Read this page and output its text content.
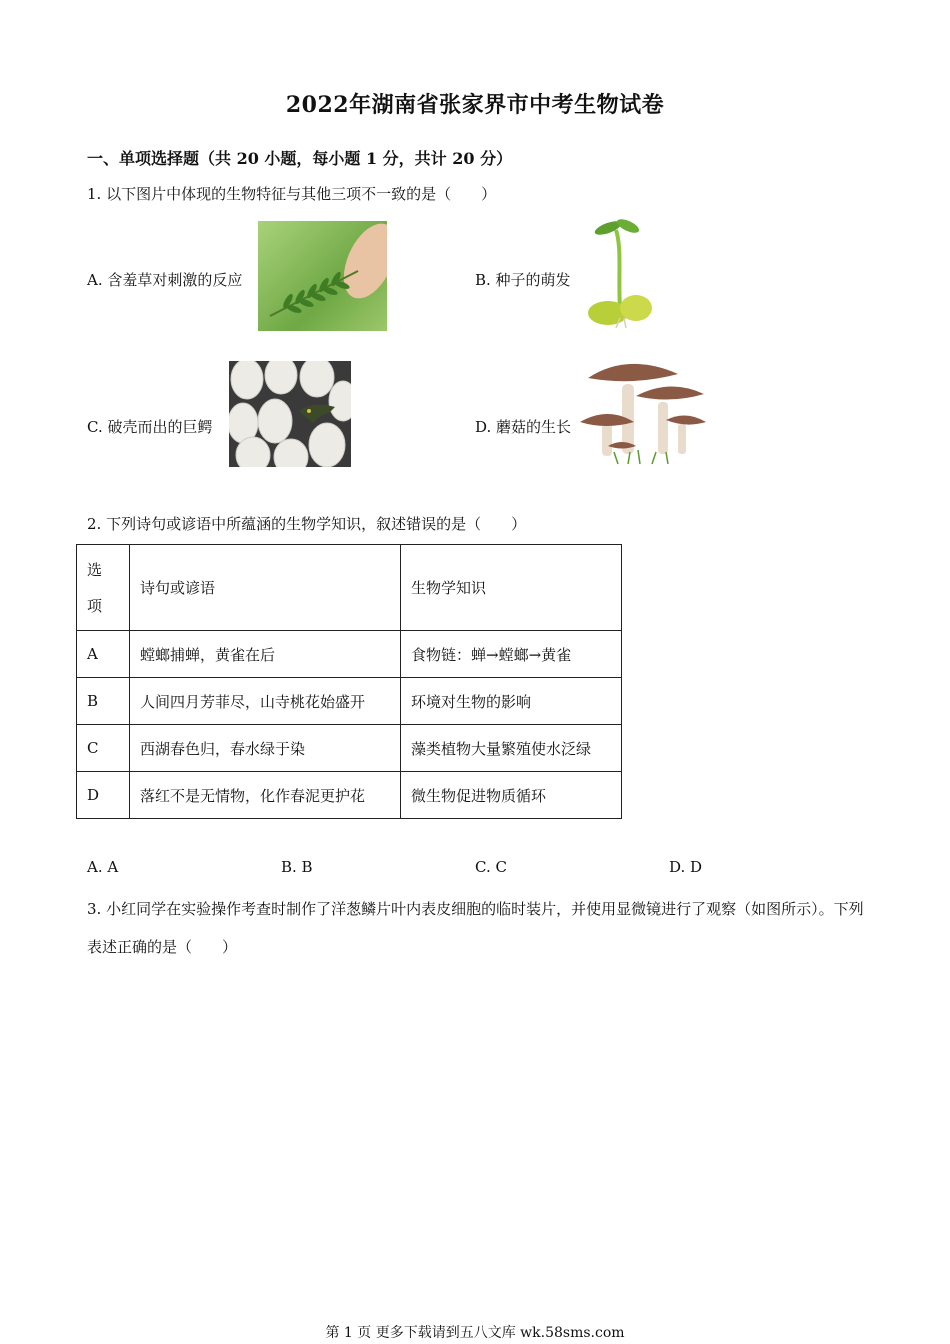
2022年湖南省张家界市中考生物试卷
一、单项选择题（共 20 小题，每小题 1 分，共计 20 分）
1. 以下图片中体现的生物特征与其他三项不一致的是（　　）
A. 含羞草对刺激的反应	B. 种子的萌发
C. 破壳而出的巨鳄	D. 蘑菇的生长
2. 下列诗句或谚语中所蕴涵的生物学知识，叙述错误的是（　　）
选
项	诗句或谚语	生物学知识
A	螳螂捕蝉，黄雀在后	食物链：蝉→螳螂→黄雀
B	人间四月芳菲尽，山寺桃花始盛开	环境对生物的影响
C	西湖春色归，春水绿于染	藻类植物大量繁殖使水泛绿
D	落红不是无情物，化作春泥更护花	微生物促进物质循环
A. A	B. B	C. C	D. D
3. 小红同学在实验操作考查时制作了洋葱鳞片叶内表皮细胞的临时装片，并使用显微镜进行了观察（如图所示）。下列表述正确的是（　　）
第 1 页 更多下载请到五八文库 wk.58sms.com
